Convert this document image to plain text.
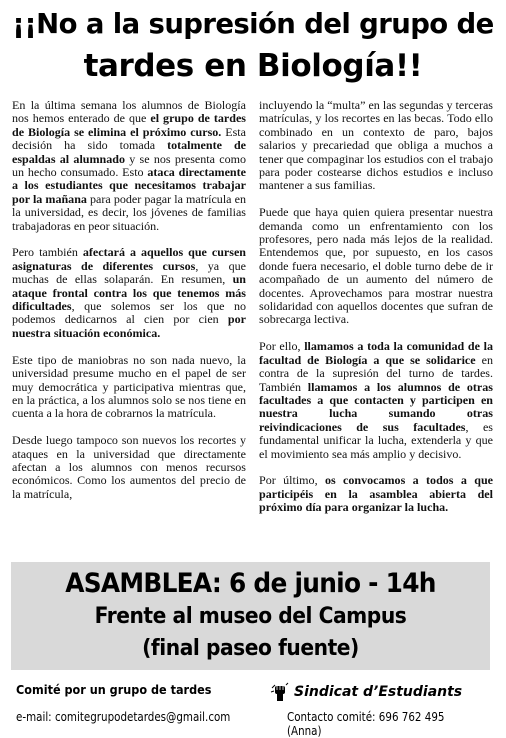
¡¡No a la supresión del grupo de
tardes en Biología!!

En la última semana los alumnos de Biología nos hemos enterado de que el grupo de tardes de Biología se elimina el próximo curso. Esta decisión ha sido tomada totalmente de espaldas al alumnado y se nos presenta como un hecho consumado. Esto ataca directamente a los estudiantes que necesitamos trabajar por la mañana para poder pagar la matrícula en la universidad, es decir, los jóvenes de familias trabajadoras en peor situación.

Pero también afectará a aquellos que cursen asignaturas de diferentes cursos, ya que muchas de ellas solaparán. En resumen, un ataque frontal contra los que tenemos más dificultades, que solemos ser los que no podemos dedicarnos al cien por cien por nuestra situación económica.

Este tipo de maniobras no son nada nuevo, la universidad presume mucho en el papel de ser muy democrática y participativa mientras que, en la práctica, a los alumnos solo se nos tiene en cuenta a la hora de cobrarnos la matrícula.

Desde luego tampoco son nuevos los recortes y ataques en la universidad que directamente afectan a los alumnos con menos recursos económicos. Como los aumentos del precio de la matrícula,

incluyendo la “multa” en las segundas y terceras matrículas, y los recortes en las becas. Todo ello combinado en un contexto de paro, bajos salarios y precariedad que obliga a muchos a tener que compaginar los estudios con el trabajo para poder costearse dichos estudios e incluso mantener a sus familias.

Puede que haya quien quiera presentar nuestra demanda como un enfrentamiento con los profesores, pero nada más lejos de la realidad. Entendemos que, por supuesto, en los casos donde fuera necesario, el doble turno debe de ir acompañado de un aumento del número de docentes. Aprovechamos para mostrar nuestra solidaridad con aquellos docentes que sufran de sobrecarga lectiva.

Por ello, llamamos a toda la comunidad de la facultad de Biología a que se solidarice en contra de la supresión del turno de tardes. También llamamos a los alumnos de otras facultades a que contacten y participen en nuestra lucha sumando otras reivindicaciones de sus facultades, es fundamental unificar la lucha, extenderla y que el movimiento sea más amplio y decisivo.

Por último, os convocamos a todos a que participéis en la asamblea abierta del próximo día para organizar la lucha.

ASAMBLEA: 6 de junio - 14h
Frente al museo del Campus
(final paseo fuente)
Comité por un grupo de tardes
e-mail: comitegrupodetardes@gmail.com
Sindicat d’Estudiants
Contacto comité: 696 762 495 (Anna)
